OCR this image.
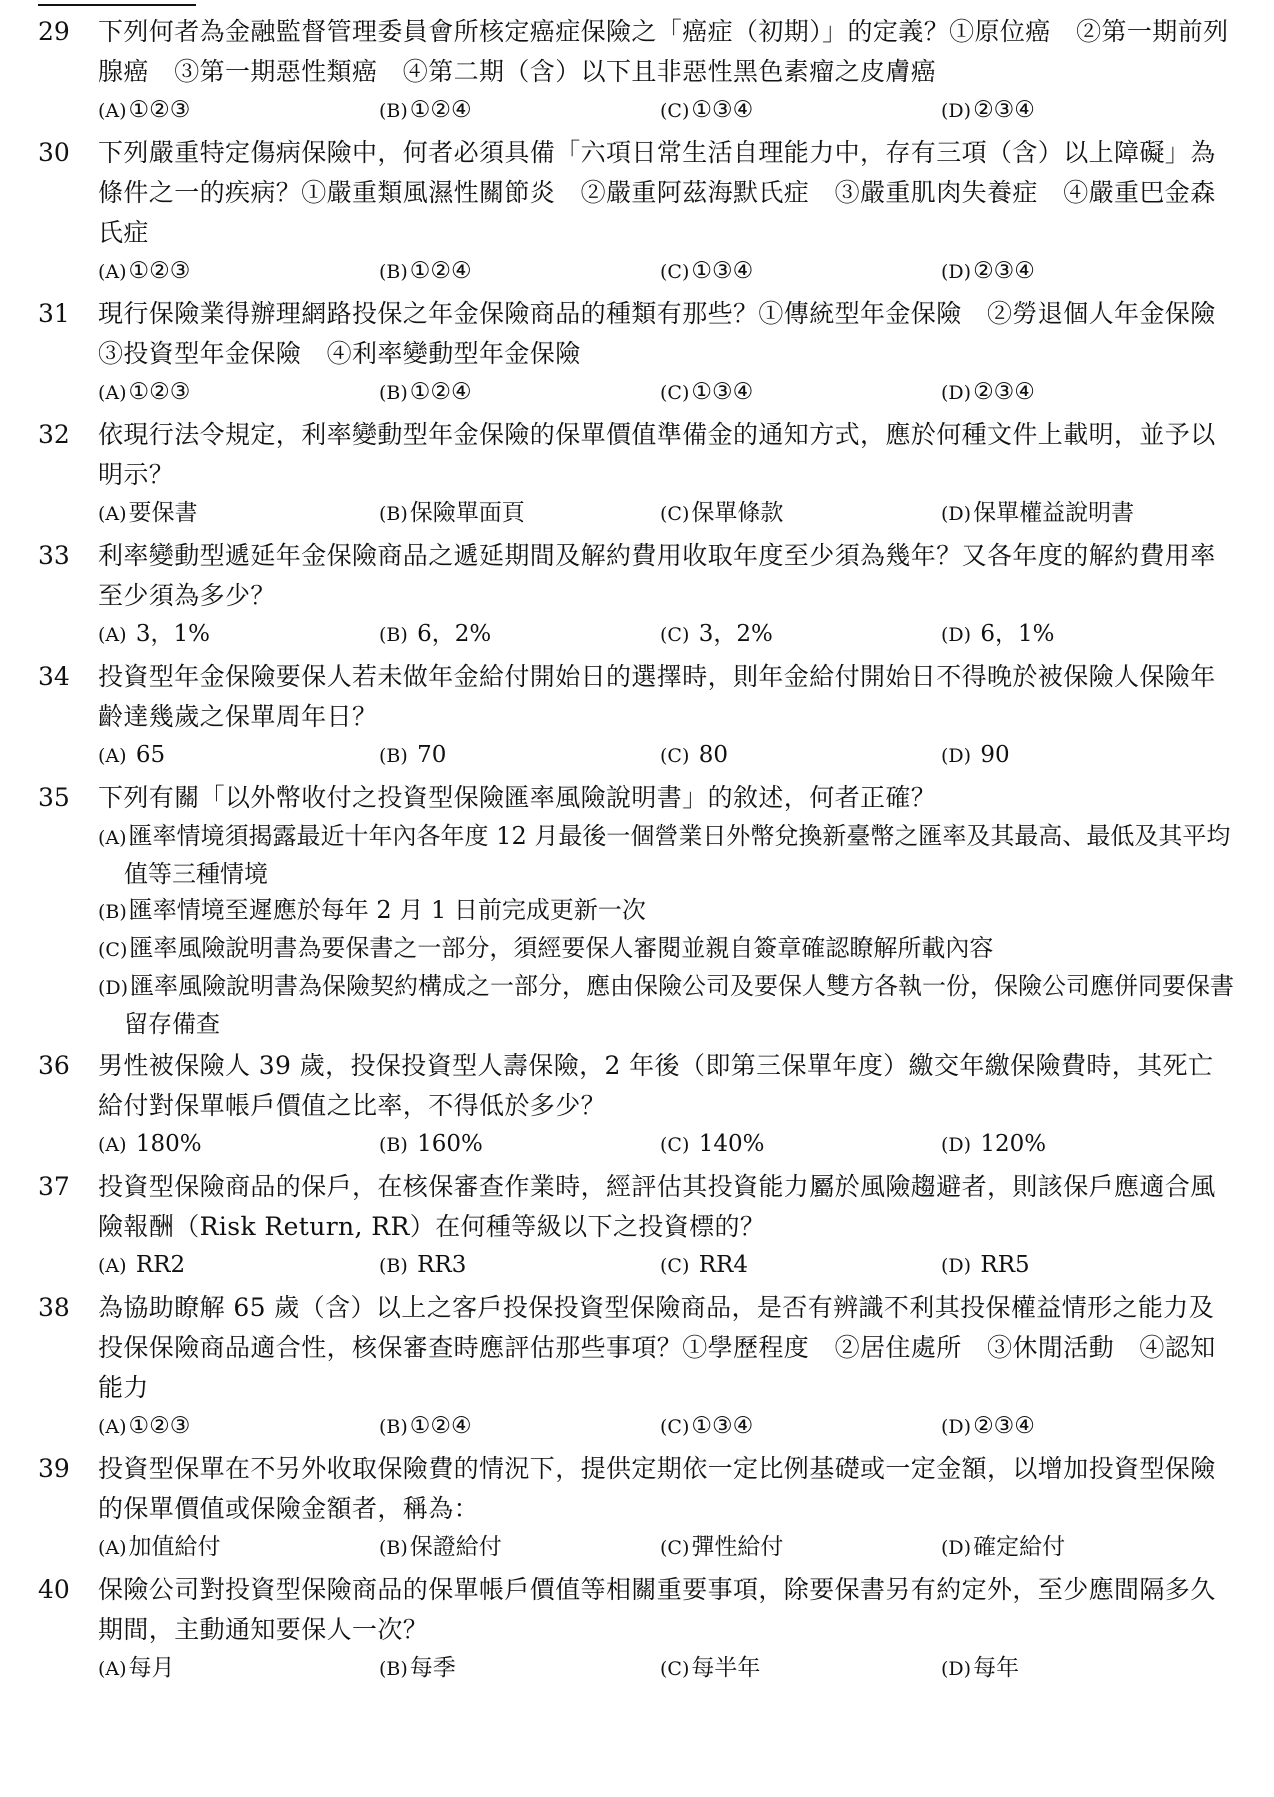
29	下列何者為金融監督管理委員會所核定癌症保險之「癌症（初期）」的定義？①原位癌　②第一期前列腺癌　③第一期惡性類癌　④第二期（含）以下且非惡性黑色素瘤之皮膚癌
(A)①②③	(B)①②④	(C)①③④	(D)②③④
30	下列嚴重特定傷病保險中，何者必須具備「六項日常生活自理能力中，存有三項（含）以上障礙」為條件之一的疾病？①嚴重類風濕性關節炎　②嚴重阿茲海默氏症　③嚴重肌肉失養症　④嚴重巴金森氏症
(A)①②③	(B)①②④	(C)①③④	(D)②③④
31	現行保險業得辦理網路投保之年金保險商品的種類有那些？①傳統型年金保險　②勞退個人年金保險　③投資型年金保險　④利率變動型年金保險
(A)①②③	(B)①②④	(C)①③④	(D)②③④
32	依現行法令規定，利率變動型年金保險的保單價值準備金的通知方式，應於何種文件上載明，並予以明示？
(A)要保書	(B)保險單面頁	(C)保單條款	(D)保單權益說明書
33	利率變動型遞延年金保險商品之遞延期間及解約費用收取年度至少須為幾年？又各年度的解約費用率至少須為多少？
(A) 3，1%	(B) 6，2%	(C) 3，2%	(D) 6，1%
34	投資型年金保險要保人若未做年金給付開始日的選擇時，則年金給付開始日不得晚於被保險人保險年齡達幾歲之保單周年日？
(A) 65	(B) 70	(C) 80	(D) 90
35	下列有關「以外幣收付之投資型保險匯率風險說明書」的敘述，何者正確？
(A)匯率情境須揭露最近十年內各年度 12 月最後一個營業日外幣兌換新臺幣之匯率及其最高、最低及其平均值等三種情境
(B)匯率情境至遲應於每年 2 月 1 日前完成更新一次
(C)匯率風險說明書為要保書之一部分，須經要保人審閱並親自簽章確認瞭解所載內容
(D)匯率風險說明書為保險契約構成之一部分，應由保險公司及要保人雙方各執一份，保險公司應併同要保書留存備查
36	男性被保險人 39 歲，投保投資型人壽保險，2 年後（即第三保單年度）繳交年繳保險費時，其死亡給付對保單帳戶價值之比率，不得低於多少？
(A) 180%	(B) 160%	(C) 140%	(D) 120%
37	投資型保險商品的保戶，在核保審查作業時，經評估其投資能力屬於風險趨避者，則該保戶應適合風險報酬（Risk Return, RR）在何種等級以下之投資標的？
(A) RR2	(B) RR3	(C) RR4	(D) RR5
38	為協助瞭解 65 歲（含）以上之客戶投保投資型保險商品，是否有辨識不利其投保權益情形之能力及投保保險商品適合性，核保審查時應評估那些事項？①學歷程度　②居住處所　③休閒活動　④認知能力
(A)①②③	(B)①②④	(C)①③④	(D)②③④
39	投資型保單在不另外收取保險費的情況下，提供定期依一定比例基礎或一定金額，以增加投資型保險的保單價值或保險金額者，稱為：
(A)加值給付	(B)保證給付	(C)彈性給付	(D)確定給付
40	保險公司對投資型保險商品的保單帳戶價值等相關重要事項，除要保書另有約定外，至少應間隔多久期間，主動通知要保人一次？
(A)每月	(B)每季	(C)每半年	(D)每年
